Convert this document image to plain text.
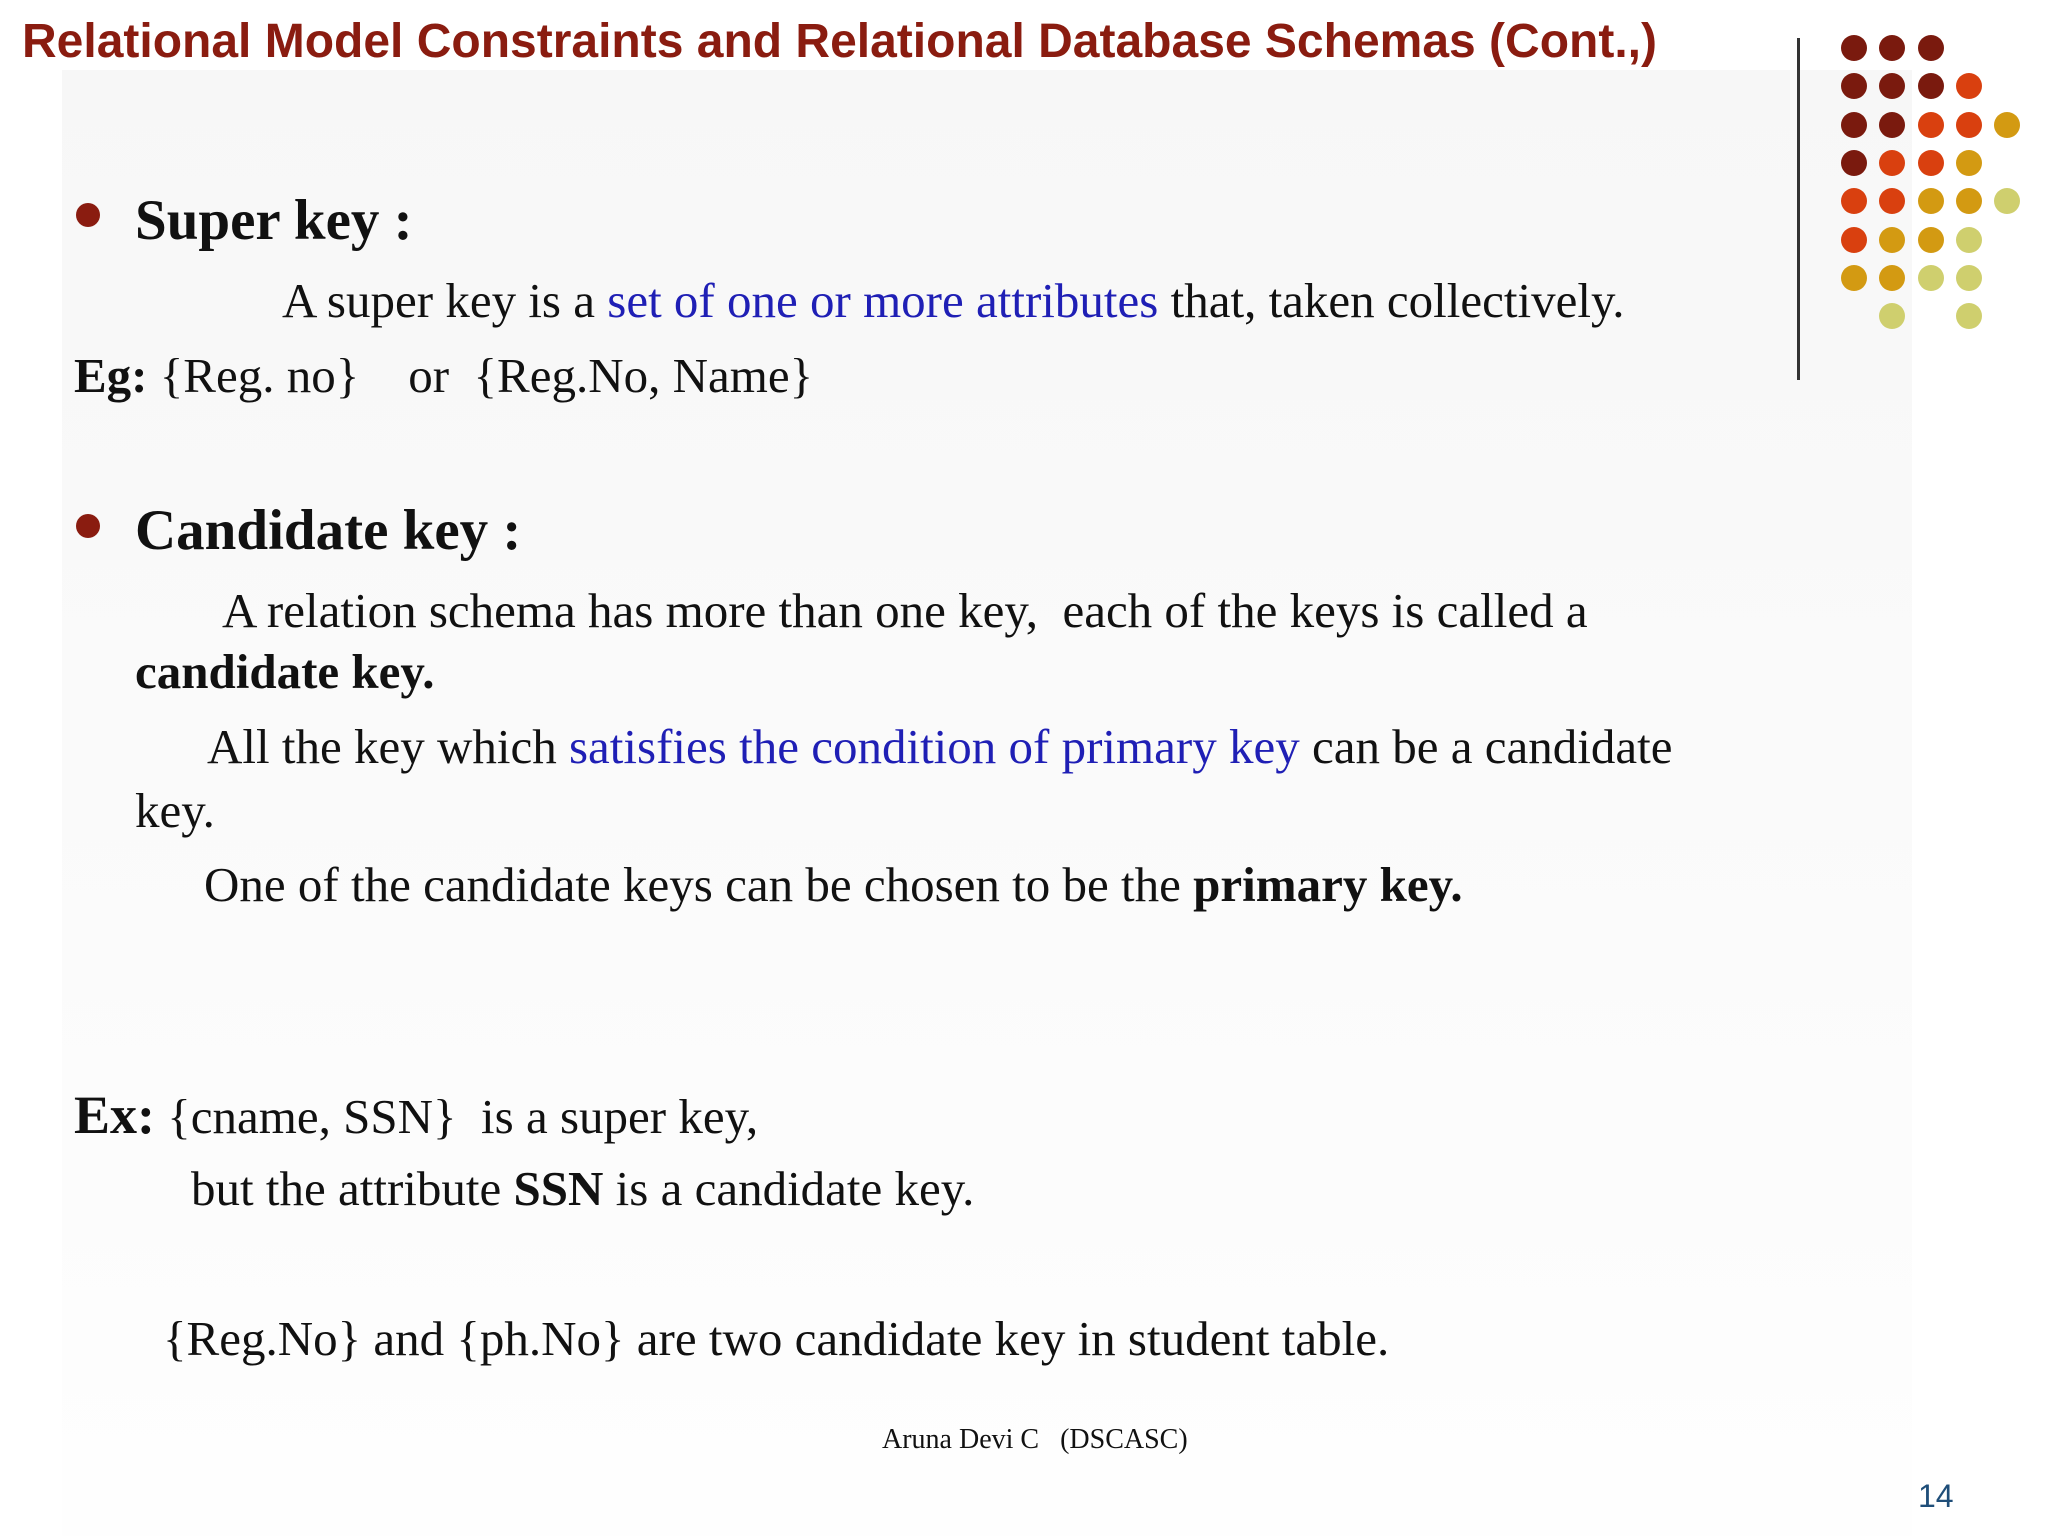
Relational Model Constraints and Relational Database Schemas (Cont.,)
Super key :
A super key is a set of one or more attributes that, taken collectively.
Eg: {Reg. no}    or  {Reg.No, Name}
Candidate key :
A relation schema has more than one key,  each of the keys is called a
candidate key.
All the key which satisfies the condition of primary key can be a candidate
key.
One of the candidate keys can be chosen to be the primary key.
Ex: {cname, SSN}  is a super key,
but the attribute SSN is a candidate key.
{Reg.No} and {ph.No} are two candidate key in student table.
Aruna Devi C   (DSCASC)
14
